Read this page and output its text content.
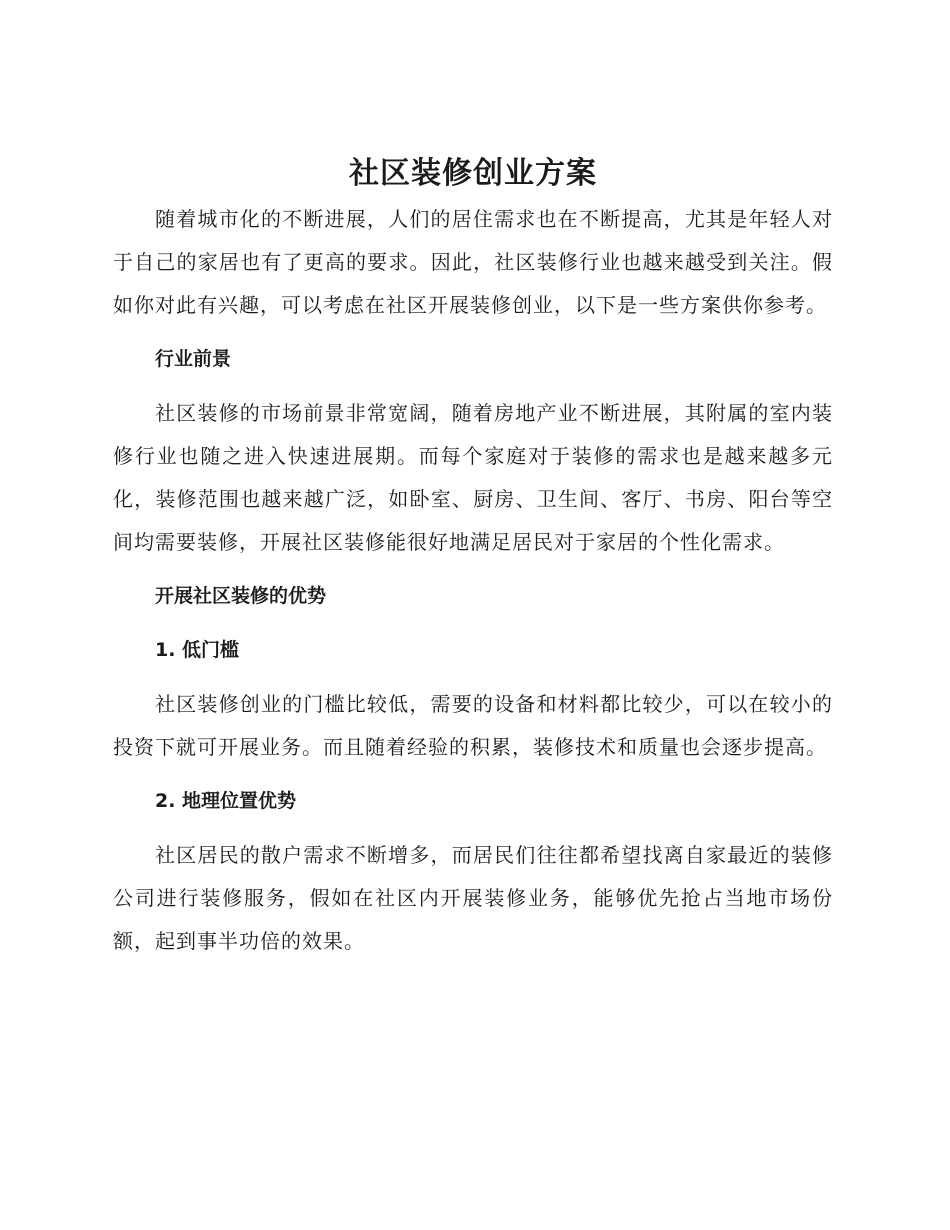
社区装修创业方案

随着城市化的不断进展，人们的居住需求也在不断提高，尤其是年轻人对于自己的家居也有了更高的要求。因此，社区装修行业也越来越受到关注。假如你对此有兴趣，可以考虑在社区开展装修创业，以下是一些方案供你参考。

行业前景

社区装修的市场前景非常宽阔，随着房地产业不断进展，其附属的室内装修行业也随之进入快速进展期。而每个家庭对于装修的需求也是越来越多元化，装修范围也越来越广泛，如卧室、厨房、卫生间、客厅、书房、阳台等空间均需要装修，开展社区装修能很好地满足居民对于家居的个性化需求。

开展社区装修的优势
1. 低门槛

社区装修创业的门槛比较低，需要的设备和材料都比较少，可以在较小的投资下就可开展业务。而且随着经验的积累，装修技术和质量也会逐步提高。

2. 地理位置优势

社区居民的散户需求不断增多，而居民们往往都希望找离自家最近的装修公司进行装修服务，假如在社区内开展装修业务，能够优先抢占当地市场份额，起到事半功倍的效果。
